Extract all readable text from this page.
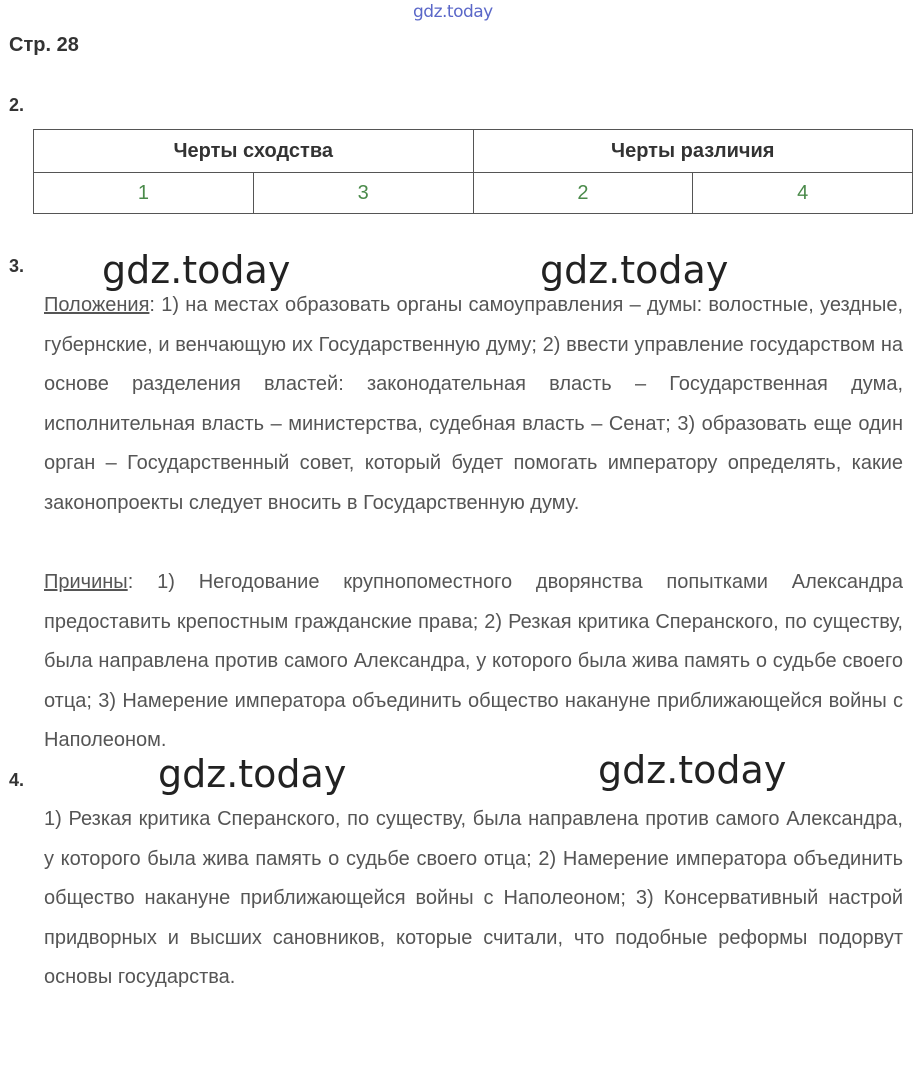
gdz.today
Стр. 28
2.
Черты сходства		Черты различия	
1	3	2	4
3. gdz.today	gdz.today
Положения: 1) на местах образовать органы самоуправления – думы: волостные, уездные, губернские, и венчающую их Государственную думу; 2) ввести управление государством на основе разделения властей: законодательная власть – Государственная дума, исполнительная власть – министерства, судебная власть – Сенат; 3) образовать еще один орган – Государственный совет, который будет помогать императору определять, какие законопроекты следует вносить в Государственную думу.
Причины: 1) Негодование крупнопоместного дворянства попытками Александра предоставить крепостным гражданские права; 2) Резкая критика Сперанского, по существу, была направлена против самого Александра, у которого была жива память о судьбе своего отца; 3) Намерение императора объединить общество накануне приближающейся войны с Наполеоном.
4.	gdz.today	gdz.today
1) Резкая критика Сперанского, по существу, была направлена против самого Александра, у которого была жива память о судьбе своего отца; 2) Намерение императора объединить общество накануне приближающейся войны с Наполеоном; 3) Консервативный настрой придворных и высших сановников, которые считали, что подобные реформы подорвут основы государства.
